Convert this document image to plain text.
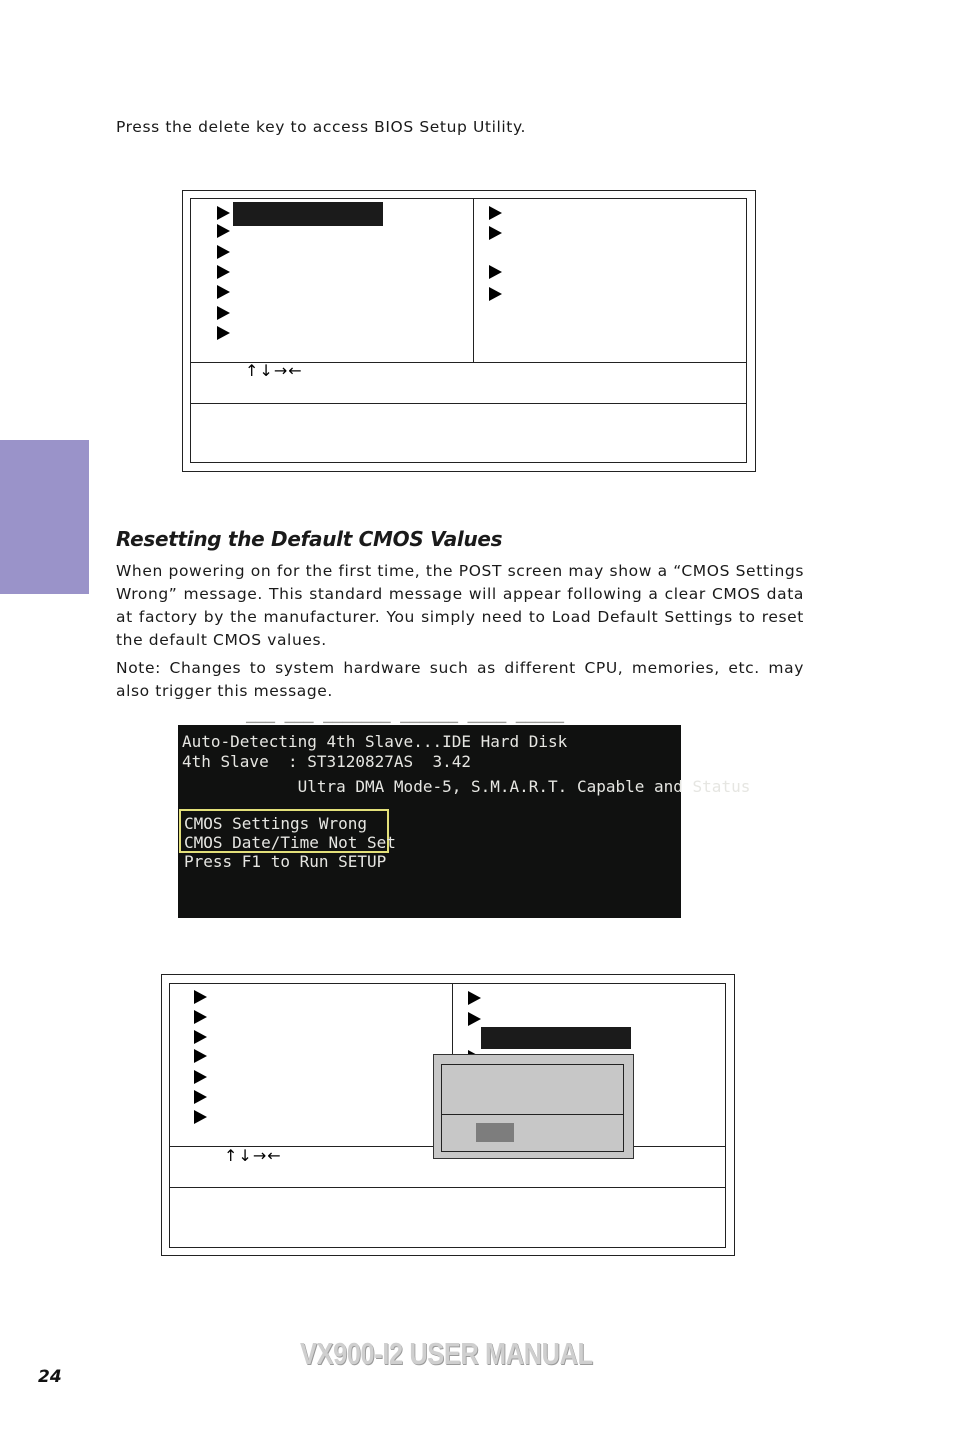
Press the delete key to access BIOS Setup Utility.

↑↓→←
Resetting the Default CMOS Values

When powering on for the first time, the POST screen may show a “CMOS Settings Wrong” message. This standard message will appear following a clear CMOS data at factory by the manufacturer. You simply need to Load Default Settings to reset the default CMOS values.

Note: Changes to system hardware such as different CPU, memories, etc. may also trigger this message.

─── ─── ─────── ────── ──── ─────
Auto-Detecting 4th Slave...IDE Hard Disk
4th Slave  : ST3120827AS  3.42
Ultra DMA Mode-5, S.M.A.R.T. Capable and Status
CMOS Settings Wrong
CMOS Date/Time Not Set
Press F1 to Run SETUP
↑↓→←
VX900-I2 USER MANUAL
24
